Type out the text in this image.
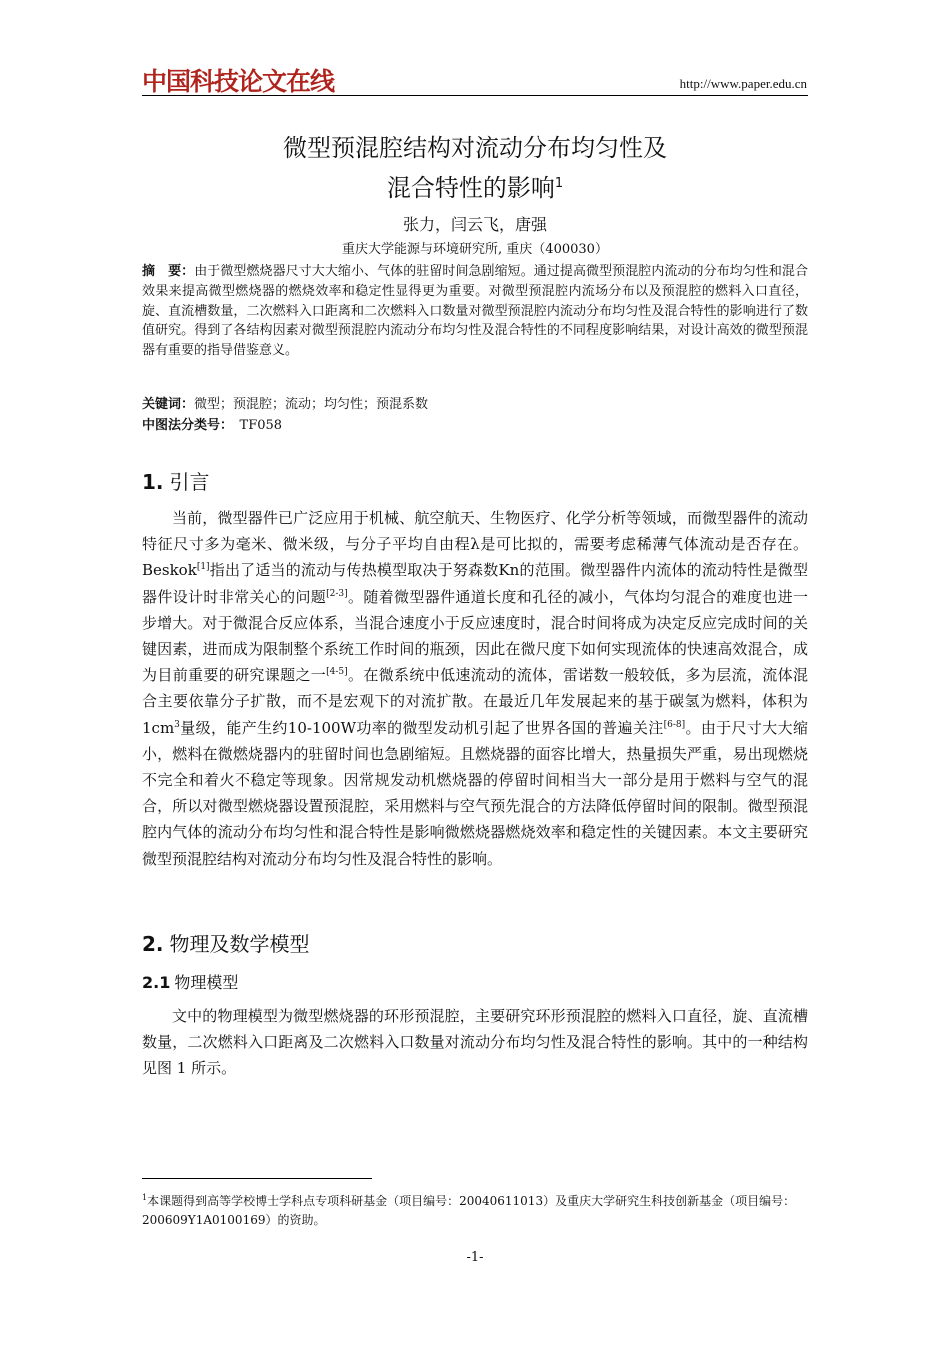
中国科技论文在线	http://www.paper.edu.cn
微型预混腔结构对流动分布均匀性及
混合特性的影响$^1$
张力，闫云飞，唐强
重庆大学能源与环境研究所, 重庆（400030）
摘　要：由于微型燃烧器尺寸大大缩小、气体的驻留时间急剧缩短。通过提高微型预混腔内流动的分布均匀性和混合效果来提高微型燃烧器的燃烧效率和稳定性显得更为重要。对微型预混腔内流场分布以及预混腔的燃料入口直径，旋、直流槽数量，二次燃料入口距离和二次燃料入口数量对微型预混腔内流动分布均匀性及混合特性的影响进行了数值研究。得到了各结构因素对微型预混腔内流动分布均匀性及混合特性的不同程度影响结果，对设计高效的微型预混器有重要的指导借鉴意义。
关键词：微型；预混腔；流动；均匀性；预混系数
中图法分类号：　 TF058
1. 引言
当前，微型器件已广泛应用于机械、航空航天、生物医疗、化学分析等领域，而微型器件的流动特征尺寸多为毫米、微米级，与分子平均自由程λ是可比拟的，需要考虑稀薄气体流动是否存在。Beskok[1]指出了适当的流动与传热模型取决于努森数Kn的范围。微型器件内流体的流动特性是微型器件设计时非常关心的问题[2-3]。随着微型器件通道长度和孔径的减小，气体均匀混合的难度也进一步增大。对于微混合反应体系，当混合速度小于反应速度时，混合时间将成为决定反应完成时间的关键因素，进而成为限制整个系统工作时间的瓶颈，因此在微尺度下如何实现流体的快速高效混合，成为目前重要的研究课题之一[4-5]。在微系统中低速流动的流体，雷诺数一般较低，多为层流，流体混合主要依靠分子扩散，而不是宏观下的对流扩散。在最近几年发展起来的基于碳氢为燃料，体积为$1cm^3$量级，能产生约10-100W功率的微型发动机引起了世界各国的普遍关注[6-8]。由于尺寸大大缩小，燃料在微燃烧器内的驻留时间也急剧缩短。且燃烧器的面容比增大，热量损失严重，易出现燃烧不完全和着火不稳定等现象。因常规发动机燃烧器的停留时间相当大一部分是用于燃料与空气的混合，所以对微型燃烧器设置预混腔，采用燃料与空气预先混合的方法降低停留时间的限制。微型预混腔内气体的流动分布均匀性和混合特性是影响微燃烧器燃烧效率和稳定性的关键因素。本文主要研究微型预混腔结构对流动分布均匀性及混合特性的影响。
2. 物理及数学模型
2.1 物理模型
文中的物理模型为微型燃烧器的环形预混腔，主要研究环形预混腔的燃料入口直径，旋、直流槽数量，二次燃料入口距离及二次燃料入口数量对流动分布均匀性及混合特性的影响。其中的一种结构见图 1 所示。
$^1$本课题得到高等学校博士学科点专项科研基金（项目编号：20040611013）及重庆大学研究生科技创新基金（项目编号：200609Y1A0100169）的资助。
-1-
